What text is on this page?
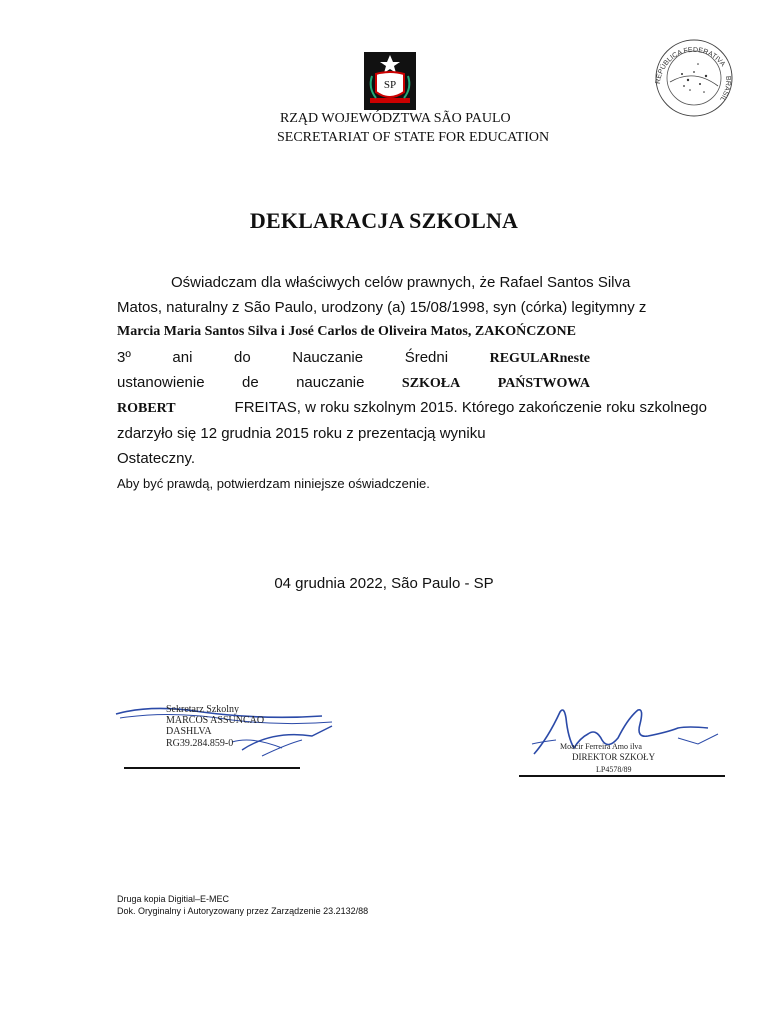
SP
RZĄD WOJEWÓDZTWA SÃO PAULO
SECRETARIAT OF STATE FOR EDUCATION
REPÚBLICA FEDERATIVA
BRASIL
DEKLARACJA SZKOLNA
Oświadczam dla właściwych celów prawnych, że Rafael Santos Silva
Matos, naturalny z São Paulo, urodzony (a) 15/08/1998, syn (córka) legitymny z
Marcia Maria Santos Silva i José Carlos de Oliveira Matos, ZAKOŃCZONE
3º	ani	do	Nauczanie	Średni	REGULARneste
ustanowienie de nauczanie	SZKOŁA	PAŃSTWOWA
ROBERT	FREITAS, w roku szkolnym 2015. Którego zakończenie roku szkolnego
zdarzyło się 12 grudnia 2015 roku z prezentacją wyniku
Ostateczny.
Aby być prawdą, potwierdzam niniejsze oświadczenie.
04 grudnia 2022, São Paulo - SP
Sekretarz Szkolny
MARCOS ASSUNCAO
DASHLVA
RG39.284.859-0	Moacir Ferreira Amo ilva
DIREKTOR SZKOŁY
LP4578/89
Druga kopia Digitial–E-MEC
Dok. Oryginalny i Autoryzowany przez Zarządzenie 23.2132/88
